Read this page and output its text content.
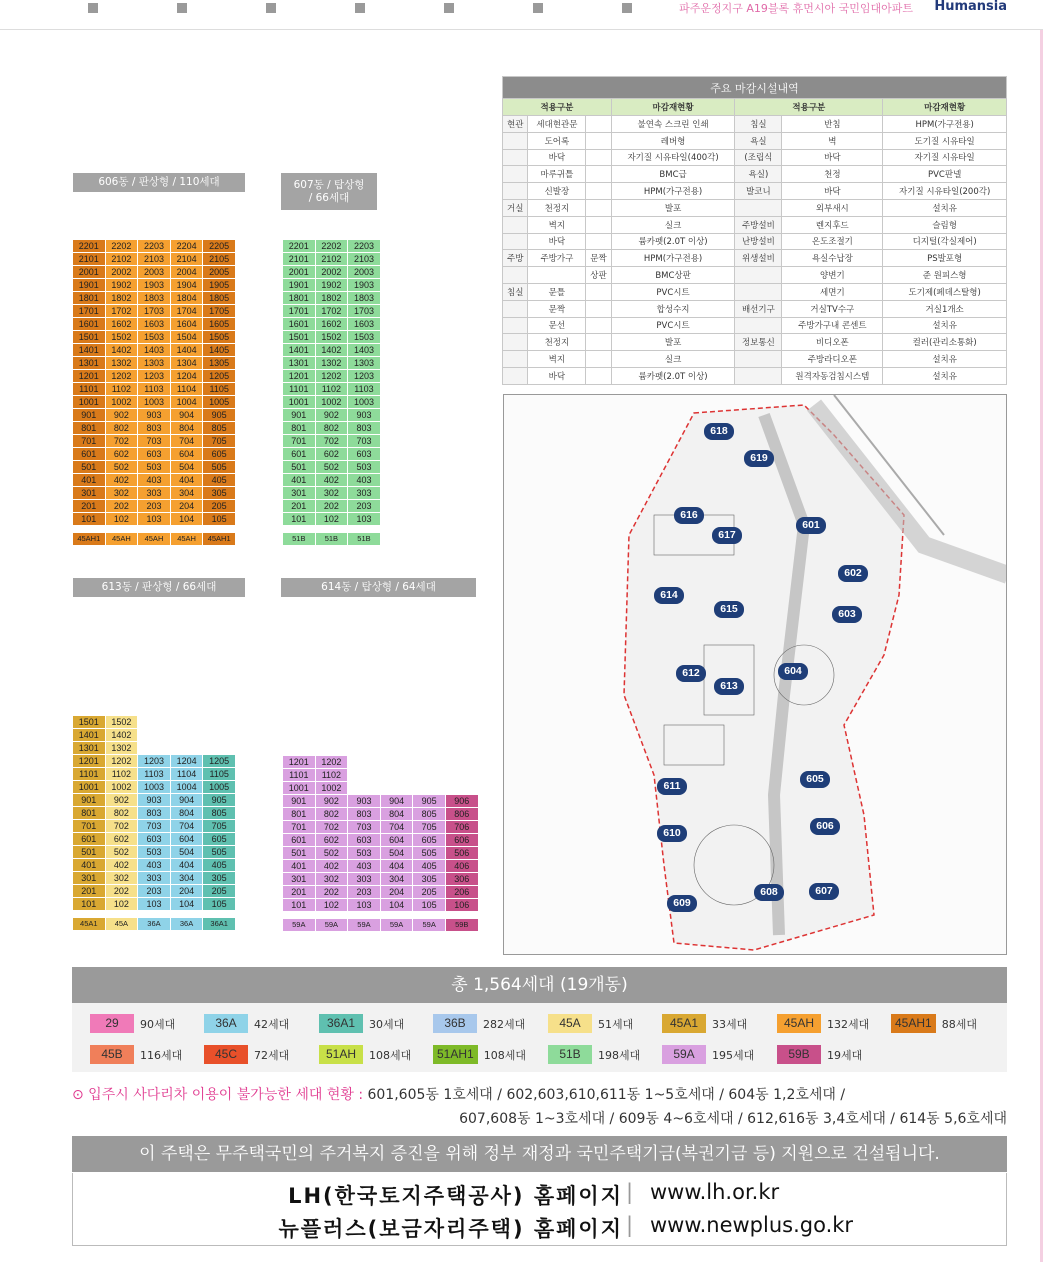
파주운정지구 A19블록 휴먼시아 국민임대아파트 Humansia
606동 / 판상형 / 110세대	607동 / 탑상형 / 66세대
613동 / 판상형 / 66세대	614동 / 탑상형 / 64세대
2201	2202	2203	2204	2205
2101	2102	2103	2104	2105
2001	2002	2003	2004	2005
1901	1902	1903	1904	1905
1801	1802	1803	1804	1805
1701	1702	1703	1704	1705
1601	1602	1603	1604	1605
1501	1502	1503	1504	1505
1401	1402	1403	1404	1405
1301	1302	1303	1304	1305
1201	1202	1203	1204	1205
1101	1102	1103	1104	1105
1001	1002	1003	1004	1005
901	902	903	904	905
801	802	803	804	805
701	702	703	704	705
601	602	603	604	605
501	502	503	504	505
401	402	403	404	405
301	302	303	304	305
201	202	203	204	205
101	102	103	104	105
45AH1	45AH	45AH	45AH	45AH1
2201	2202	2203
2101	2102	2103
2001	2002	2003
1901	1902	1903
1801	1802	1803
1701	1702	1703
1601	1602	1603
1501	1502	1503
1401	1402	1403
1301	1302	1303
1201	1202	1203
1101	1102	1103
1001	1002	1003
901	902	903
801	802	803
701	702	703
601	602	603
501	502	503
401	402	403
301	302	303
201	202	203
101	102	103
51B	51B	51B
1501	1502
1401	1402
1301	1302
1201	1202	1203	1204	1205
1101	1102	1103	1104	1105
1001	1002	1003	1004	1005
901	902	903	904	905
801	802	803	804	805
701	702	703	704	705
601	602	603	604	605
501	502	503	504	505
401	402	403	404	405
301	302	303	304	305
201	202	203	204	205
101	102	103	104	105
45A1	45A	36A	36A	36A1
1201	1202
1101	1102
1001	1002
901	902	903	904	905	906
801	802	803	804	805	806
701	702	703	704	705	706
601	602	603	604	605	606
501	502	503	504	505	506
401	402	403	404	405	406
301	302	303	304	305	306
201	202	203	204	205	206
101	102	103	104	105	106
59A	59A	59A	59A	59A	59B
주요 마감시설내역						
적용구분			마감재현황	적용구분		마감재현황
현관	세대현관문		불연속 스크린 인쇄	침실	반침	HPM(가구전용)
	도어록		레버형	욕실	벽	도기질 시유타일
	바닥		자기질 시유타일(400각)	(조립식	바닥	자기질 시유타일
	마루귀틀		BMC급	욕실)	천정	PVC판넬
	신발장		HPM(가구전용)	발코니	바닥	자기질 시유타일(200각)
거실	천정지		발포		외부새시	설치유
	벽지		실크	주방설비	렌지후드	슬림형
	바닥		륨카펫(2.0T 이상)	난방설비	온도조절기	디지털(각실제어)
주방	주방가구	문짝	HPM(가구전용)	위생설비	욕실수납장	PS발포형
		상판	BMC상판		양변기	준 원피스형
침실	문틀		PVC시트		세면기	도기제(페데스탈형)
	문짝		합성수지	배선기구	거실TV수구	거실1개소
	문선		PVC시트		주방가구내 콘센트	설치유
	천정지		발포	정보통신	비디오폰	컬러(관리소통화)
	벽지		실크		주방라디오폰	설치유
	바닥		륨카펫(2.0T 이상)		원격자동검침시스템	설치유
618
619
616
617
601
614
615
602
603
612
613
604
611
605
610
606
609
608	607
총 1,564세대 (19개동)
29	90세대	36A	42세대	36A1	30세대	36B	282세대	45A	51세대	45A1	33세대	45AH	132세대	45AH1 88세대
45B	116세대	45C	72세대	51AH	108세대	51AH1 108세대	51B	198세대	59A	195세대	59B	19세대
⊙ 입주시 사다리차 이용이 불가능한 세대 현황 : 601,605동 1호세대 / 602,603,610,611동 1~5호세대 / 604동 1,2호세대 /
607,608동 1~3호세대 / 609동 4~6호세대 / 612,616동 3,4호세대 / 614동 5,6호세대
이 주택은 무주택국민의 주거복지 증진을 위해 정부 재정과 국민주택기금(복권기금 등) 지원으로 건설됩니다.
LH(한국토지주택공사) 홈페이지 | www.lh.or.kr
뉴플러스(보금자리주택) 홈페이지 | www.newplus.go.kr
